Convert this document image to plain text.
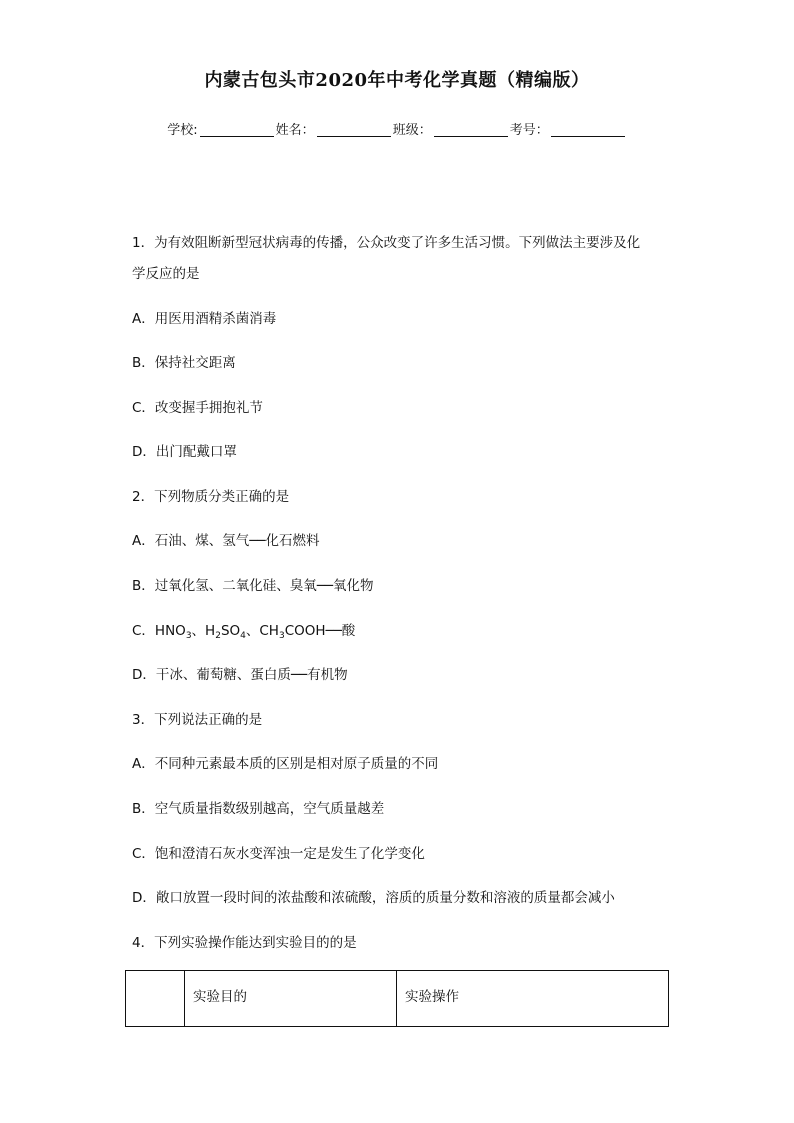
内蒙古包头市2020年中考化学真题（精编版）
学校:	姓名：	班级：	考号：
1．为有效阻断新型冠状病毒的传播，公众改变了许多生活习惯。下列做法主要涉及化
学反应的是
A．用医用酒精杀菌消毒
B．保持社交距离
C．改变握手拥抱礼节
D．出门配戴口罩
2．下列物质分类正确的是
A．石油、煤、氢气──化石燃料
B．过氧化氢、二氧化硅、臭氧──氧化物
C．$HNO_3$、$H_2SO_4$、$CH_3COOH──$酸
D．干冰、葡萄糖、蛋白质──有机物
3．下列说法正确的是
A．不同种元素最本质的区别是相对原子质量的不同
B．空气质量指数级别越高，空气质量越差
C．饱和澄清石灰水变浑浊一定是发生了化学变化
D．敞口放置一段时间的浓盐酸和浓硫酸，溶质的质量分数和溶液的质量都会减小
4．下列实验操作能达到实验目的的是
	实验目的	实验操作
